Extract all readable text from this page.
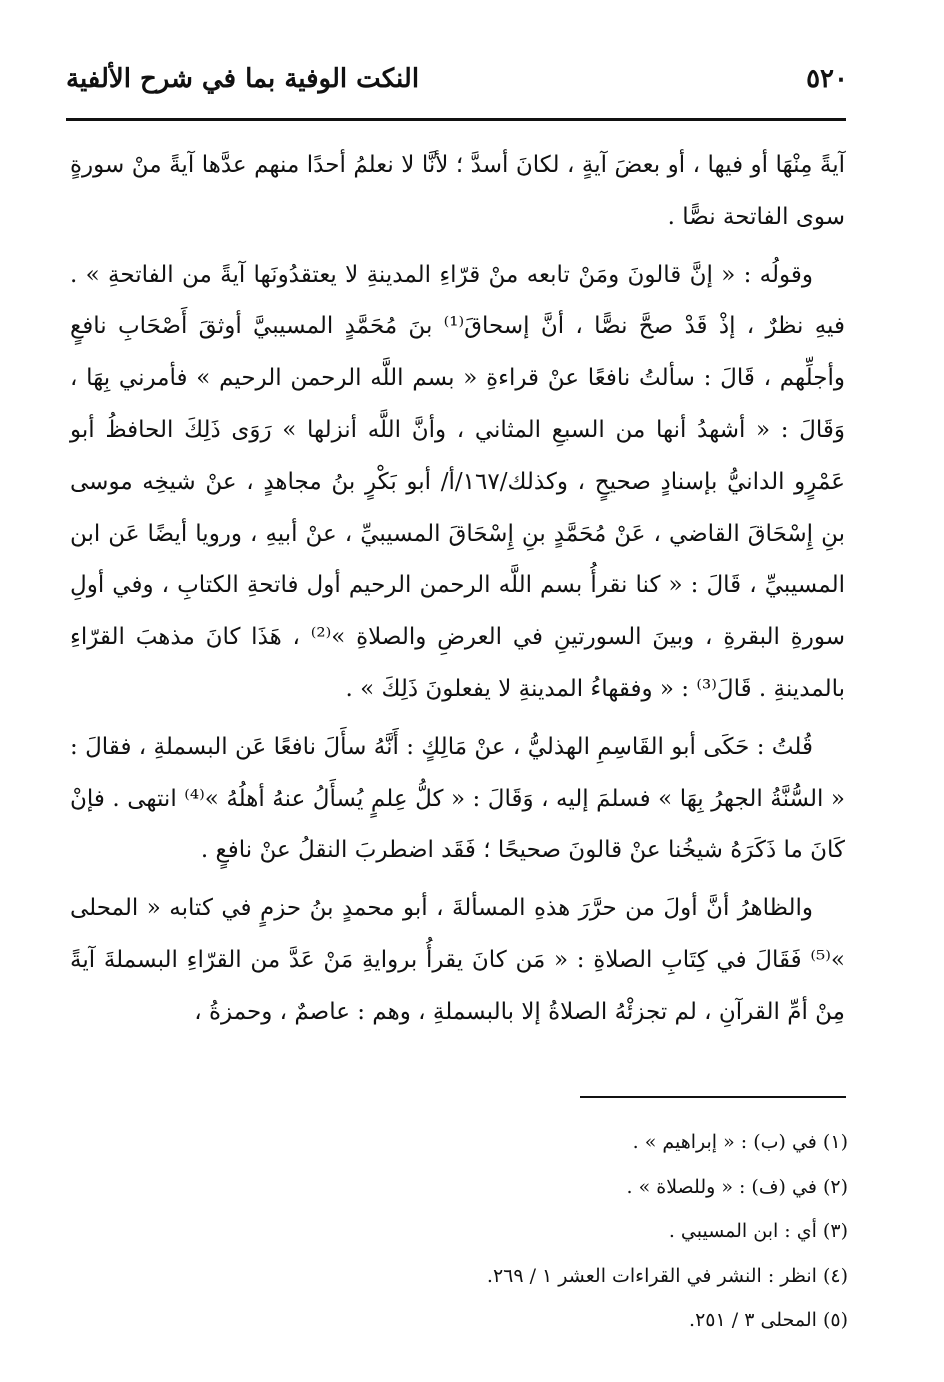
٥٢٠
النكت الوفية بما في شرح الألفية

آيةً مِنْهَا أو فيها ، أو بعضَ آيةٍ ، لكانَ أسدَّ ؛ لأنَّا لا نعلمُ أحدًا منهم عدَّها آيةً منْ سورةٍ سوى الفاتحة نصًّا .

وقولُه : « إنَّ قالونَ ومَنْ تابعه منْ قرّاءِ المدينةِ لا يعتقدُونَها آيةً من الفاتحةِ » . فيهِ نظرٌ ، إذْ قَدْ صحَّ نصًّا ، أنَّ إسحاقَ⁽¹⁾ بنَ مُحَمَّدٍ المسيبيَّ أوثقَ أَصْحَابِ نافعٍ وأجلِّهم ، قَالَ : سألتُ نافعًا عنْ قراءةِ « بسم اللَّه الرحمن الرحيم » فأمرني بِهَا ، وَقَالَ : « أشهدُ أنها من السبعِ المثاني ، وأنَّ اللَّه أنزلها » رَوَى ذَلِكَ الحافظُ أبو عَمْرٍو الدانيُّ بإسنادٍ صحيحٍ ، وكذلك/١٦٧/أ/ أبو بَكْرٍ بنُ مجاهدٍ ، عنْ شيخِه موسى بنِ إِسْحَاقَ القاضي ، عَنْ مُحَمَّدٍ بنِ إِسْحَاقَ المسيبيِّ ، عنْ أبيهِ ، ورويا أيضًا عَن ابن المسيبيِّ ، قَالَ : « كنا نقرأُ بسم اللَّه الرحمن الرحيم أول فاتحةِ الكتابِ ، وفي أولِ سورةِ البقرةِ ، وبينَ السورتينِ في العرضِ والصلاةِ »⁽²⁾ ، هَذَا كانَ مذهبَ القرّاءِ بالمدينةِ . قَالَ⁽³⁾ : « وفقهاءُ المدينةِ لا يفعلونَ ذَلِكَ » .

قُلتُ : حَكَى أبو القَاسِمِ الهذليُّ ، عنْ مَالِكٍ : أَنَّهُ سأَلَ نافعًا عَن البسملةِ ، فقالَ : « السُّنَّةُ الجهرُ بِهَا » فسلمَ إليه ، وَقَالَ : « كلُّ عِلمٍ يُسأَلُ عنهُ أهلُهُ »⁽⁴⁾ انتهى . فإنْ كَانَ ما ذَكَرَهُ شيخُنا عنْ قالونَ صحيحًا ؛ فَقَد اضطربَ النقلُ عنْ نافعٍ .

والظاهرُ أنَّ أولَ من حرَّرَ هذهِ المسألةَ ، أبو محمدٍ بنُ حزمٍ في كتابه « المحلى »⁽⁵⁾ فَقَالَ في كِتَابِ الصلاةِ : « مَن كانَ يقرأُ بروايةِ مَنْ عَدَّ من القرّاءِ البسملةَ آيةً مِنْ أمِّ القرآنِ ، لم تجزئْهُ الصلاةُ إلا بالبسملةِ ، وهم : عاصمٌ ، وحمزةُ ،

(١) في (ب) : « إبراهيم » .
(٢) في (ف) : « وللصلاة » .
(٣) أي : ابن المسيبي .
(٤) انظر : النشر في القراءات العشر ١ / ٢٦٩.
(٥) المحلى ٣ / ٢٥١.
